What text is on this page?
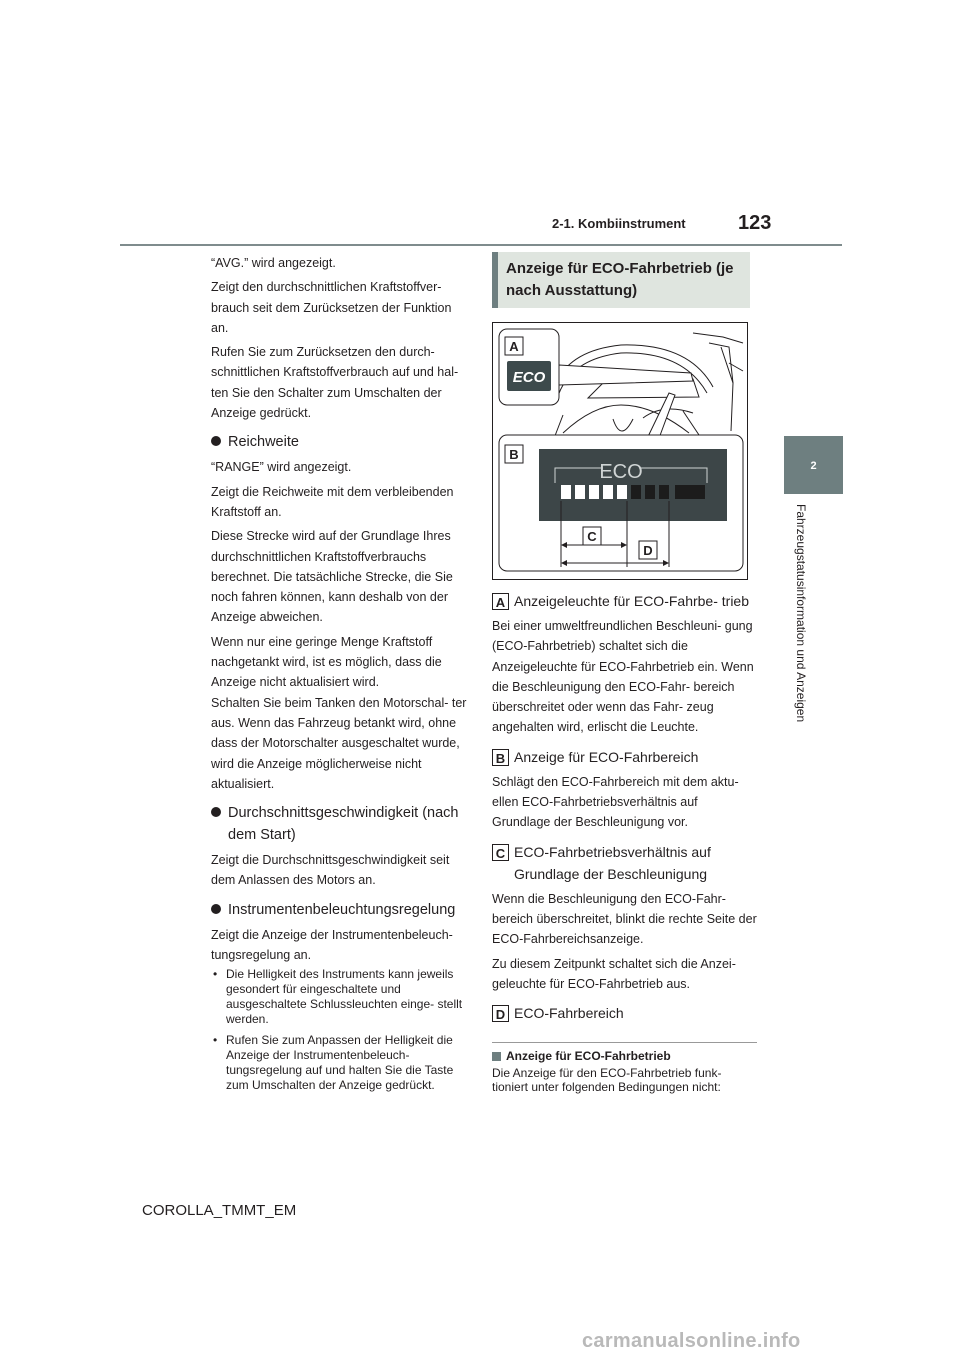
2-1. Kombiinstrument	123
2
Fahrzeugstatusinformation und Anzeigen

“AVG.” wird angezeigt.

Zeigt den durchschnittlichen Kraftstoffver- brauch seit dem Zurücksetzen der Funktion an.

Rufen Sie zum Zurücksetzen den durch- schnittlichen Kraftstoffverbrauch auf und hal- ten Sie den Schalter zum Umschalten der Anzeige gedrückt.

Reichweite

“RANGE” wird angezeigt.

Zeigt die Reichweite mit dem verbleibenden Kraftstoff an.

Diese Strecke wird auf der Grundlage Ihres durchschnittlichen Kraftstoffverbrauchs berechnet. Die tatsächliche Strecke, die Sie noch fahren können, kann deshalb von der Anzeige abweichen.

Wenn nur eine geringe Menge Kraftstoff nachgetankt wird, ist es möglich, dass die Anzeige nicht aktualisiert wird.

Schalten Sie beim Tanken den Motorschal- ter aus. Wenn das Fahrzeug betankt wird, ohne dass der Motorschalter ausgeschaltet wurde, wird die Anzeige möglicherweise nicht aktualisiert.

Durchschnittsgeschwindigkeit (nach dem Start)

Zeigt die Durchschnittsgeschwindigkeit seit dem Anlassen des Motors an.

Instrumentenbeleuchtungsregelung

Zeigt die Anzeige der Instrumentenbeleuch- tungsregelung an.

• Die Helligkeit des Instruments kann jeweils gesondert für eingeschaltete und ausgeschaltete Schlussleuchten einge- stellt werden.
• Rufen Sie zum Anpassen der Helligkeit die Anzeige der Instrumentenbeleuch- tungsregelung auf und halten Sie die Taste zum Umschalten der Anzeige gedrückt.
Anzeige für ECO-Fahrbetrieb (je nach Ausstattung)
A
ECO
B
ECO
C
D
A Anzeigeleuchte für ECO-Fahrbe- trieb

Bei einer umweltfreundlichen Beschleuni- gung (ECO-Fahrbetrieb) schaltet sich die Anzeigeleuchte für ECO-Fahrbetrieb ein. Wenn die Beschleunigung den ECO-Fahr- bereich überschreitet oder wenn das Fahr- zeug angehalten wird, erlischt die Leuchte.

B Anzeige für ECO-Fahrbereich

Schlägt den ECO-Fahrbereich mit dem aktu- ellen ECO-Fahrbetriebsverhältnis auf Grundlage der Beschleunigung vor.

C ECO-Fahrbetriebsverhältnis auf Grundlage der Beschleunigung

Wenn die Beschleunigung den ECO-Fahr- bereich überschreitet, blinkt die rechte Seite der ECO-Fahrbereichsanzeige.

Zu diesem Zeitpunkt schaltet sich die Anzei- geleuchte für ECO-Fahrbetrieb aus.

D ECO-Fahrbereich
Anzeige für ECO-Fahrbetrieb
Die Anzeige für den ECO-Fahrbetrieb funk- tioniert unter folgenden Bedingungen nicht:
COROLLA_TMMT_EM
carmanualsonline.info
